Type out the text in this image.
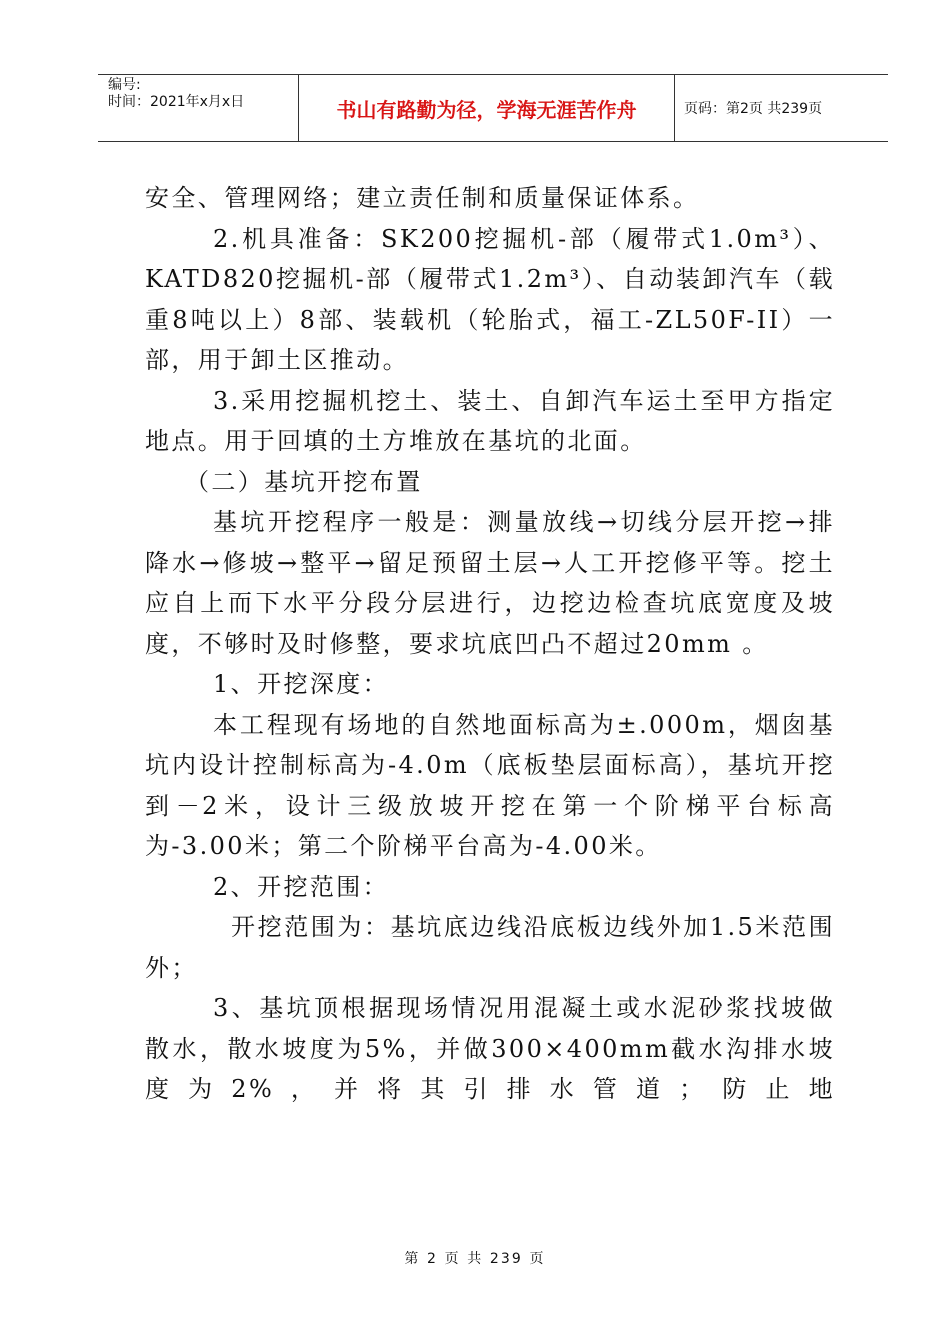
编号:
时间：2021年x月x日	书山有路勤为径，学海无涯苦作舟	页码：第2页 共239页

安全、管理网络；建立责任制和质量保证体系。

2.机具准备：SK200挖掘机-部（履带式1.0m³）、KATD820挖掘机-部（履带式1.2m³）、自动装卸汽车（载重8吨以上）8部、装载机（轮胎式，福工-ZL50F-II）一部，用于卸土区推动。

3.采用挖掘机挖土、装土、自卸汽车运土至甲方指定地点。用于回填的土方堆放在基坑的北面。

（二）基坑开挖布置

基坑开挖程序一般是：测量放线→切线分层开挖→排降水→修坡→整平→留足预留土层→人工开挖修平等。挖土应自上而下水平分段分层进行，边挖边检查坑底宽度及坡度，不够时及时修整，要求坑底凹凸不超过20mm 。

1、开挖深度：

本工程现有场地的自然地面标高为±.000m，烟囱基坑内设计控制标高为-4.0m（底板垫层面标高），基坑开挖到－2米，设计三级放坡开挖在第一个阶梯平台标高为-3.00米；第二个阶梯平台高为-4.00米。

2、开挖范围：

开挖范围为：基坑底边线沿底板边线外加1.5米范围外；

3、基坑顶根据现场情况用混凝土或水泥砂浆找坡做散水，散水坡度为5%，并做300×400mm截水沟排水坡度为2%，并将其引排水管道；防止地

第 2 页 共 239 页
